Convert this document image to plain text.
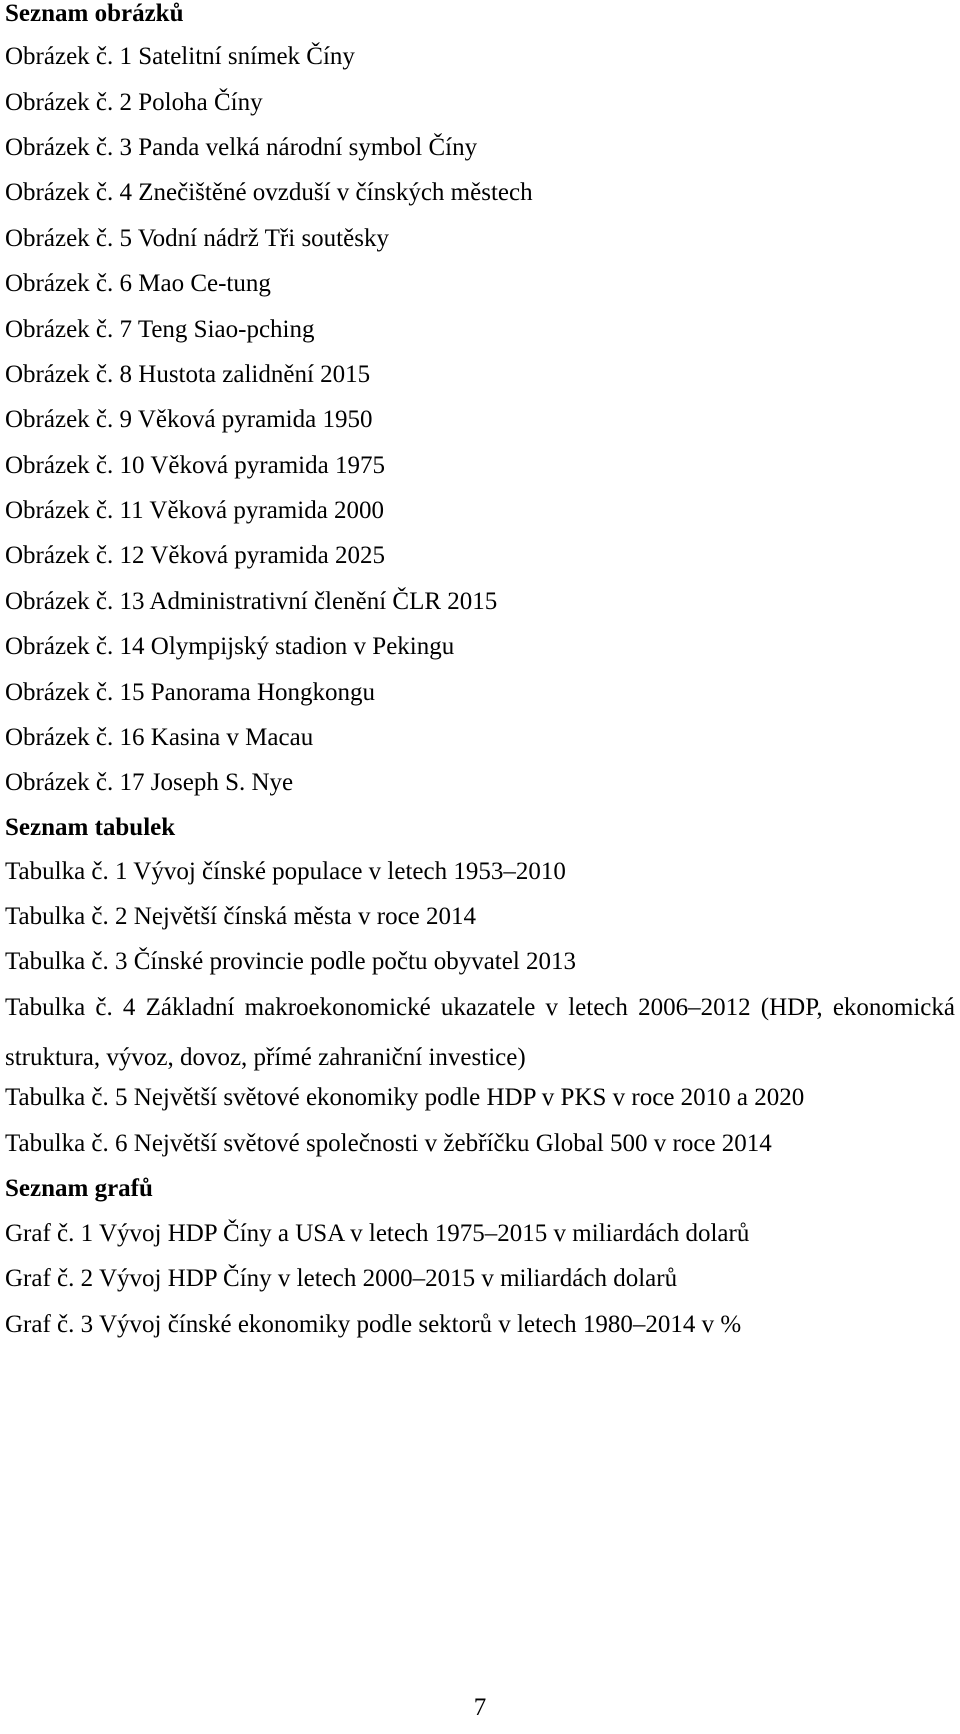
Seznam obrázků
Obrázek č. 1 Satelitní snímek Číny
Obrázek č. 2 Poloha Číny
Obrázek č. 3 Panda velká národní symbol Číny
Obrázek č. 4 Znečištěné ovzduší v čínských městech
Obrázek č. 5 Vodní nádrž Tři soutěsky
Obrázek č. 6 Mao Ce-tung
Obrázek č. 7 Teng Siao-pching
Obrázek č. 8 Hustota zalidnění 2015
Obrázek č. 9 Věková pyramida 1950
Obrázek č. 10 Věková pyramida 1975
Obrázek č. 11 Věková pyramida 2000
Obrázek č. 12 Věková pyramida 2025
Obrázek č. 13 Administrativní členění ČLR 2015
Obrázek č. 14 Olympijský stadion v Pekingu
Obrázek č. 15 Panorama Hongkongu
Obrázek č. 16 Kasina v Macau
Obrázek č. 17 Joseph S. Nye
Seznam tabulek
Tabulka č. 1 Vývoj čínské populace v letech 1953–2010
Tabulka č. 2 Největší čínská města v roce 2014
Tabulka č. 3 Čínské provincie podle počtu obyvatel 2013
Tabulka č. 4 Základní makroekonomické ukazatele v letech 2006–2012 (HDP, ekonomická struktura, vývoz, dovoz, přímé zahraniční investice)
Tabulka č. 5 Největší světové ekonomiky podle HDP v PKS v roce 2010 a 2020
Tabulka č. 6 Největší světové společnosti v žebříčku Global 500 v roce 2014
Seznam grafů
Graf č. 1 Vývoj HDP Číny a USA v letech 1975–2015 v miliardách dolarů
Graf č. 2 Vývoj HDP Číny v letech 2000–2015 v miliardách dolarů
Graf č. 3 Vývoj čínské ekonomiky podle sektorů v letech 1980–2014 v %
7
